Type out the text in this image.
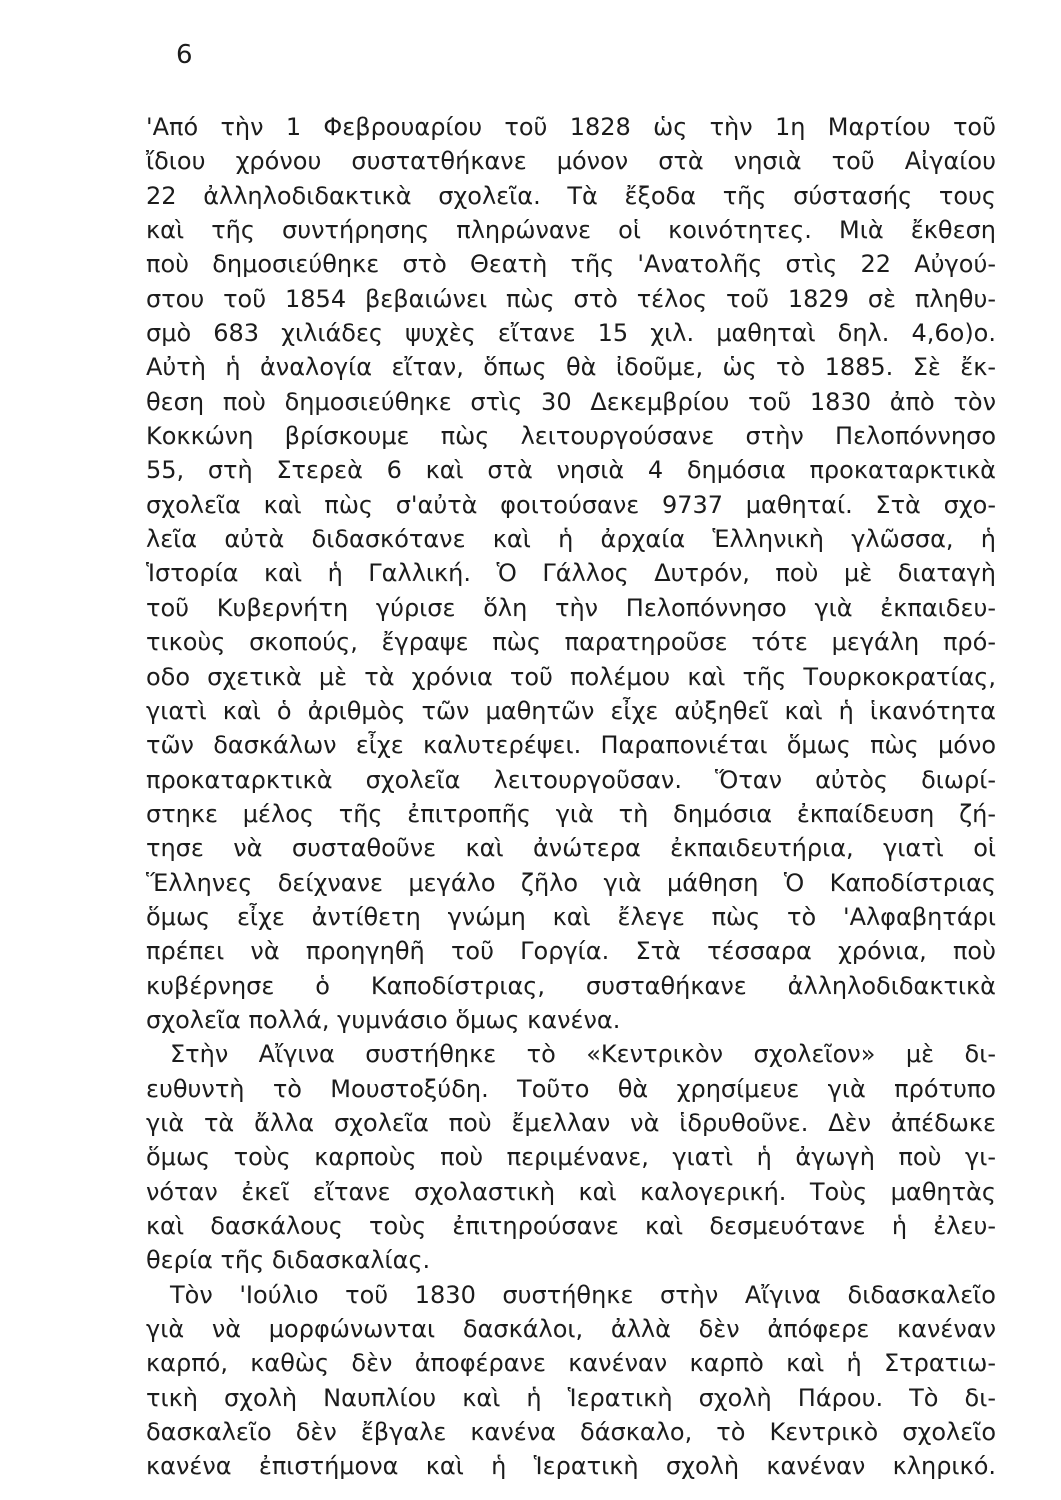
6
'Από τὴν 1 Φεβρουαρίου τοῦ 1828 ὡς τὴν 1η Μαρτίου τοῦ
ἴδιου χρόνου συστατθήκανε μόνον στὰ νησιὰ τοῦ Αἰγαίου
22 ἀλληλοδιδακτικὰ σχολεῖα. Τὰ ἔξοδα τῆς σύστασής τους
καὶ τῆς συντήρησης πληρώνανε οἱ κοινότητες. Μιὰ ἔκθεση
ποὺ δημοσιεύθηκε στὸ Θεατὴ τῆς 'Ανατολῆς στὶς 22 Αὐγού-
στου τοῦ 1854 βεβαιώνει πὼς στὸ τέλος τοῦ 1829 σὲ πληθυ-
σμὸ 683 χιλιάδες ψυχὲς εἴτανε 15 χιλ. μαθηταὶ δηλ. 4,6ο)ο.
Αὐτὴ ἡ ἀναλογία εἴταν, ὅπως θὰ ἰδοῦμε, ὡς τὸ 1885. Σὲ ἔκ-
θεση ποὺ δημοσιεύθηκε στὶς 30 Δεκεμβρίου τοῦ 1830 ἀπὸ τὸν
Κοκκώνη βρίσκουμε πὼς λειτουργούσανε στὴν Πελοπόννησο
55, στὴ Στερεὰ 6 καὶ στὰ νησιὰ 4 δημόσια προκαταρκτικὰ
σχολεῖα καὶ πὼς σ'αὐτὰ φοιτούσανε 9737 μαθηταί. Στὰ σχο-
λεῖα αὐτὰ διδασκότανε καὶ ἡ ἀρχαία Ἑλληνικὴ γλῶσσα, ἡ
Ἱστορία καὶ ἡ Γαλλική. Ὁ Γάλλος Δυτρόν, ποὺ μὲ διαταγὴ
τοῦ Κυβερνήτη γύρισε ὅλη τὴν Πελοπόννησο γιὰ ἐκπαιδευ-
τικοὺς σκοπούς, ἔγραψε πὼς παρατηροῦσε τότε μεγάλη πρό-
οδο σχετικὰ μὲ τὰ χρόνια τοῦ πολέμου καὶ τῆς Τουρκοκρατίας,
γιατὶ καὶ ὁ ἀριθμὸς τῶν μαθητῶν εἶχε αὐξηθεῖ καὶ ἡ ἱκανότητα
τῶν δασκάλων εἶχε καλυτερέψει. Παραπονιέται ὅμως πὼς μόνο
προκαταρκτικὰ σχολεῖα λειτουργοῦσαν. Ὅταν αὐτὸς διωρί-
στηκε μέλος τῆς ἐπιτροπῆς γιὰ τὴ δημόσια ἐκπαίδευση ζή-
τησε νὰ συσταθοῦνε καὶ ἀνώτερα ἐκπαιδευτήρια, γιατὶ οἱ
Ἕλληνες δείχνανε μεγάλο ζῆλο γιὰ μάθηση Ὁ Καποδίστριας
ὅμως εἶχε ἀντίθετη γνώμη καὶ ἔλεγε πὼς τὸ 'Αλφαβητάρι
πρέπει νὰ προηγηθῆ τοῦ Γοργία. Στὰ τέσσαρα χρόνια, ποὺ
κυβέρνησε ὁ Καποδίστριας, συσταθήκανε ἀλληλοδιδακτικὰ
σχολεῖα πολλά, γυμνάσιο ὅμως κανένα.
Στὴν Αἴγινα συστήθηκε τὸ «Κεντρικὸν σχολεῖον» μὲ δι-
ευθυντὴ τὸ Μουστοξύδη. Τοῦτο θὰ χρησίμευε γιὰ πρότυπο
γιὰ τὰ ἄλλα σχολεῖα ποὺ ἔμελλαν νὰ ἱδρυθοῦνε. Δὲν ἀπέδωκε
ὅμως τοὺς καρποὺς ποὺ περιμένανε, γιατὶ ἡ ἀγωγὴ ποὺ γι-
νόταν ἐκεῖ εἴτανε σχολαστικὴ καὶ καλογερική. Τοὺς μαθητὰς
καὶ δασκάλους τοὺς ἐπιτηρούσανε καὶ δεσμευότανε ἡ ἐλευ-
θερία τῆς διδασκαλίας.
Τὸν 'Ιούλιο τοῦ 1830 συστήθηκε στὴν Αἴγινα διδασκαλεῖο
γιὰ νὰ μορφώνωνται δασκάλοι, ἀλλὰ δὲν ἀπόφερε κανέναν
καρπό, καθὼς δὲν ἀποφέρανε κανέναν καρπὸ καὶ ἡ Στρατιω-
τικὴ σχολὴ Ναυπλίου καὶ ἡ Ἱερατικὴ σχολὴ Πάρου. Τὸ δι-
δασκαλεῖο δὲν ἔβγαλε κανένα δάσκαλο, τὸ Κεντρικὸ σχολεῖο
κανένα ἐπιστήμονα καὶ ἡ Ἱερατικὴ σχολὴ κανέναν κληρικό.
